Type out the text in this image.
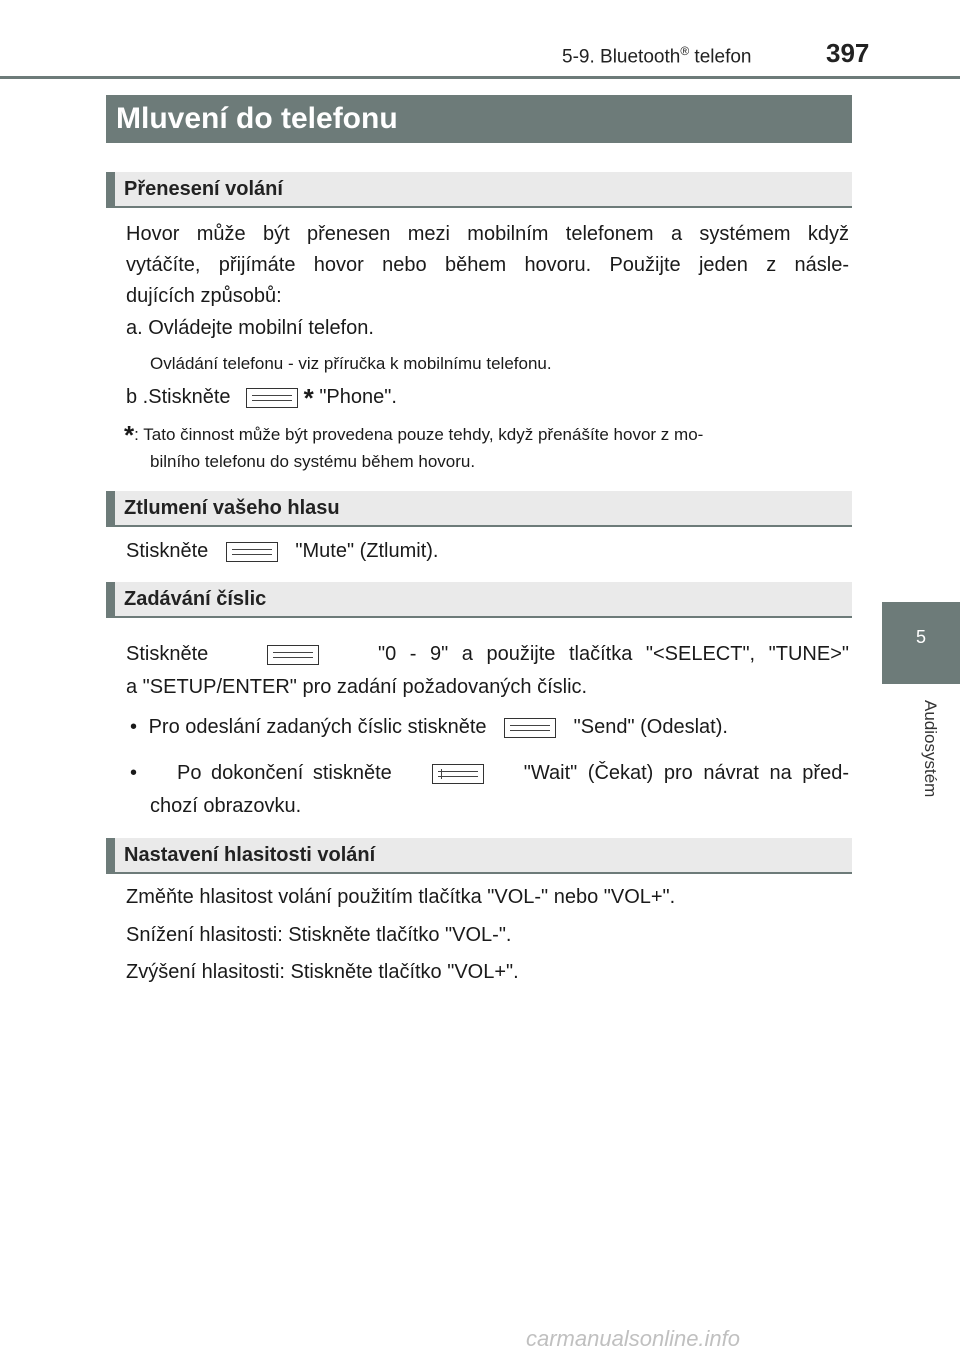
5-9. Bluetooth® telefon	397
Mluvení do telefonu
Přenesení volání
Hovor může být přenesen mezi mobilním telefonem a systémem když
vytáčíte, přijímáte hovor nebo během hovoru. Použijte jeden z násle-
dujících způsobů:
a. Ovládejte mobilní telefon.
Ovládání telefonu - viz příručka k mobilnímu telefonu.
b .Stiskněte	* "Phone".
*: Tato činnost může být provedena pouze tehdy, když přenášíte hovor z mo-
bilního telefonu do systému během hovoru.
Ztlumení vašeho hlasu
Stiskněte	"Mute" (Ztlumit).
Zadávání číslic
Stiskněte	"0 - 9" a použijte tlačítka "<SELECT", "TUNE>"
a "SETUP/ENTER" pro zadání požadovaných číslic.
• Pro odeslání zadaných číslic stiskněte	"Send" (Odeslat).
• Po dokončení stiskněte	"Wait" (Čekat) pro návrat na před-
chozí obrazovku.
Nastavení hlasitosti volání
Změňte hlasitost volání použitím tlačítka "VOL-" nebo "VOL+".
Snížení hlasitosti: Stiskněte tlačítko "VOL-".
Zvýšení hlasitosti: Stiskněte tlačítko "VOL+".
5
Audiosystém
carmanualsonline.info
